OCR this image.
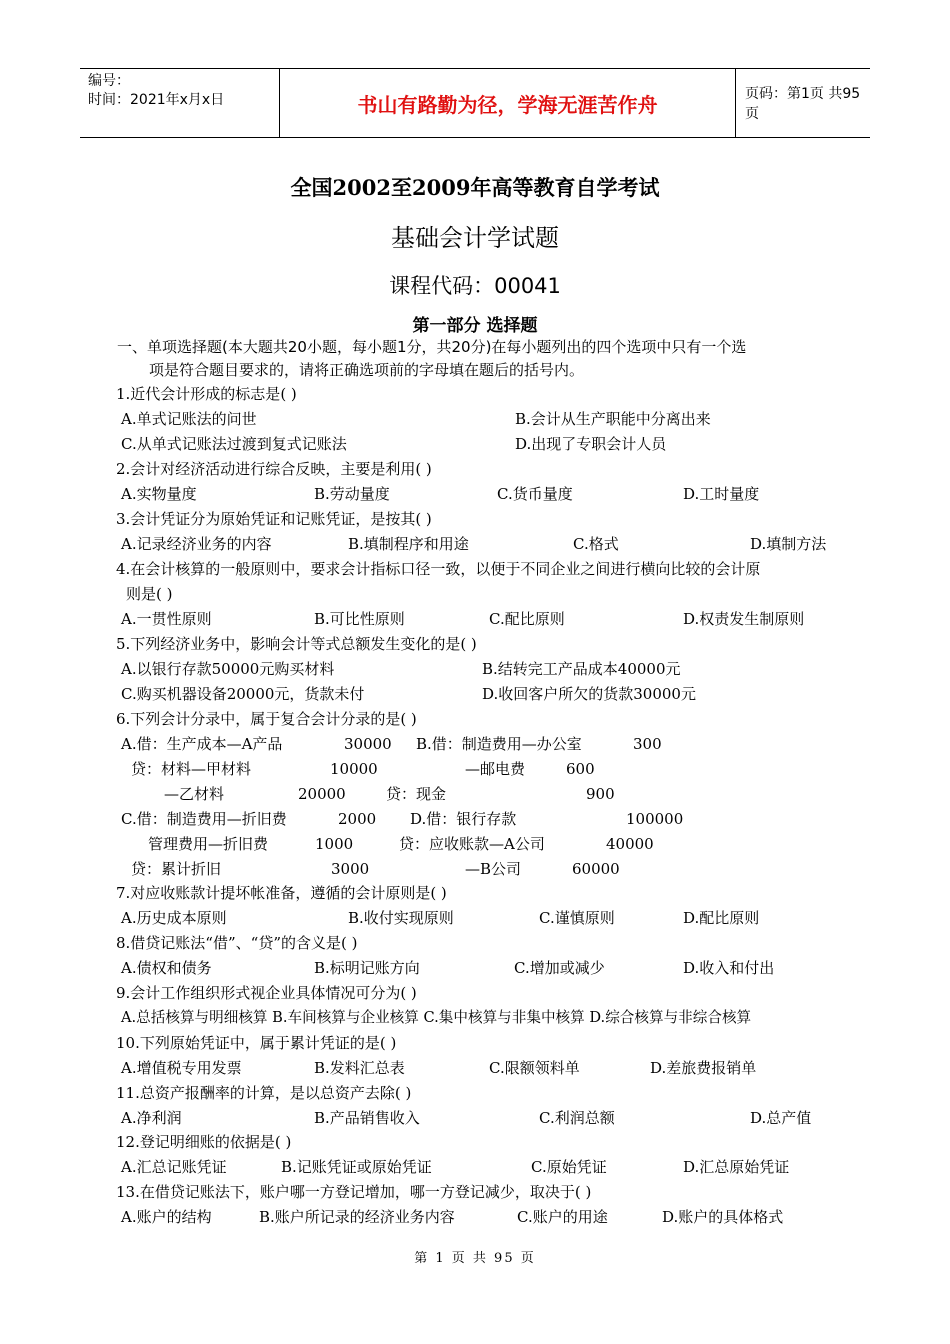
编号：
时间：2021年x月x日	书山有路勤为径，学海无涯苦作舟	页码：第1页 共95页
全国2002至2009年高等教育自学考试
基础会计学试题
课程代码：00041
第一部分 选择题
一、单项选择题(本大题共20小题，每小题1分，共20分)在每小题列出的四个选项中只有一个选
项是符合题目要求的，请将正确选项前的字母填在题后的括号内。
1.近代会计形成的标志是( )
A.单式记账法的问世	B.会计从生产职能中分离出来
C.从单式记账法过渡到复式记账法	D.出现了专职会计人员
2.会计对经济活动进行综合反映，主要是利用( )
A.实物量度	B.劳动量度	C.货币量度	D.工时量度
3.会计凭证分为原始凭证和记账凭证，是按其( )
A.记录经济业务的内容	B.填制程序和用途	C.格式	D.填制方法
4.在会计核算的一般原则中，要求会计指标口径一致，以便于不同企业之间进行横向比较的会计原
则是( )
A.一贯性原则	B.可比性原则	C.配比原则	D.权责发生制原则
5.下列经济业务中，影响会计等式总额发生变化的是( )
A.以银行存款50000元购买材料	B.结转完工产品成本40000元
C.购买机器设备20000元，货款未付	D.收回客户所欠的货款30000元
6.下列会计分录中，属于复合会计分录的是( )
A.借：生产成本—A产品	30000 B.借：制造费用—办公室	300
贷：材料—甲材料	10000	—邮电费	600
—乙材料	20000	贷：现金	900
C.借：制造费用—折旧费	2000 D.借：银行存款	100000
管理费用—折旧费	1000	贷：应收账款—A公司	40000
贷：累计折旧	3000	—B公司	60000
7.对应收账款计提坏帐准备，遵循的会计原则是( )
A.历史成本原则	B.收付实现原则	C.谨慎原则	D.配比原则
8.借贷记账法“借”、“贷”的含义是( )
A.债权和债务	B.标明记账方向	C.增加或减少	D.收入和付出
9.会计工作组织形式视企业具体情况可分为( )
A.总括核算与明细核算 B.车间核算与企业核算 C.集中核算与非集中核算 D.综合核算与非综合核算
10.下列原始凭证中，属于累计凭证的是( )
A.增值税专用发票	B.发料汇总表	C.限额领料单	D.差旅费报销单
11.总资产报酬率的计算，是以总资产去除( )
A.净利润	B.产品销售收入	C.利润总额	D.总产值
12.登记明细账的依据是( )
A.汇总记账凭证	B.记账凭证或原始凭证	C.原始凭证	D.汇总原始凭证
13.在借贷记账法下，账户哪一方登记增加，哪一方登记减少，取决于( )
A.账户的结构	B.账户所记录的经济业务内容	C.账户的用途	D.账户的具体格式
第 1 页 共 95 页
